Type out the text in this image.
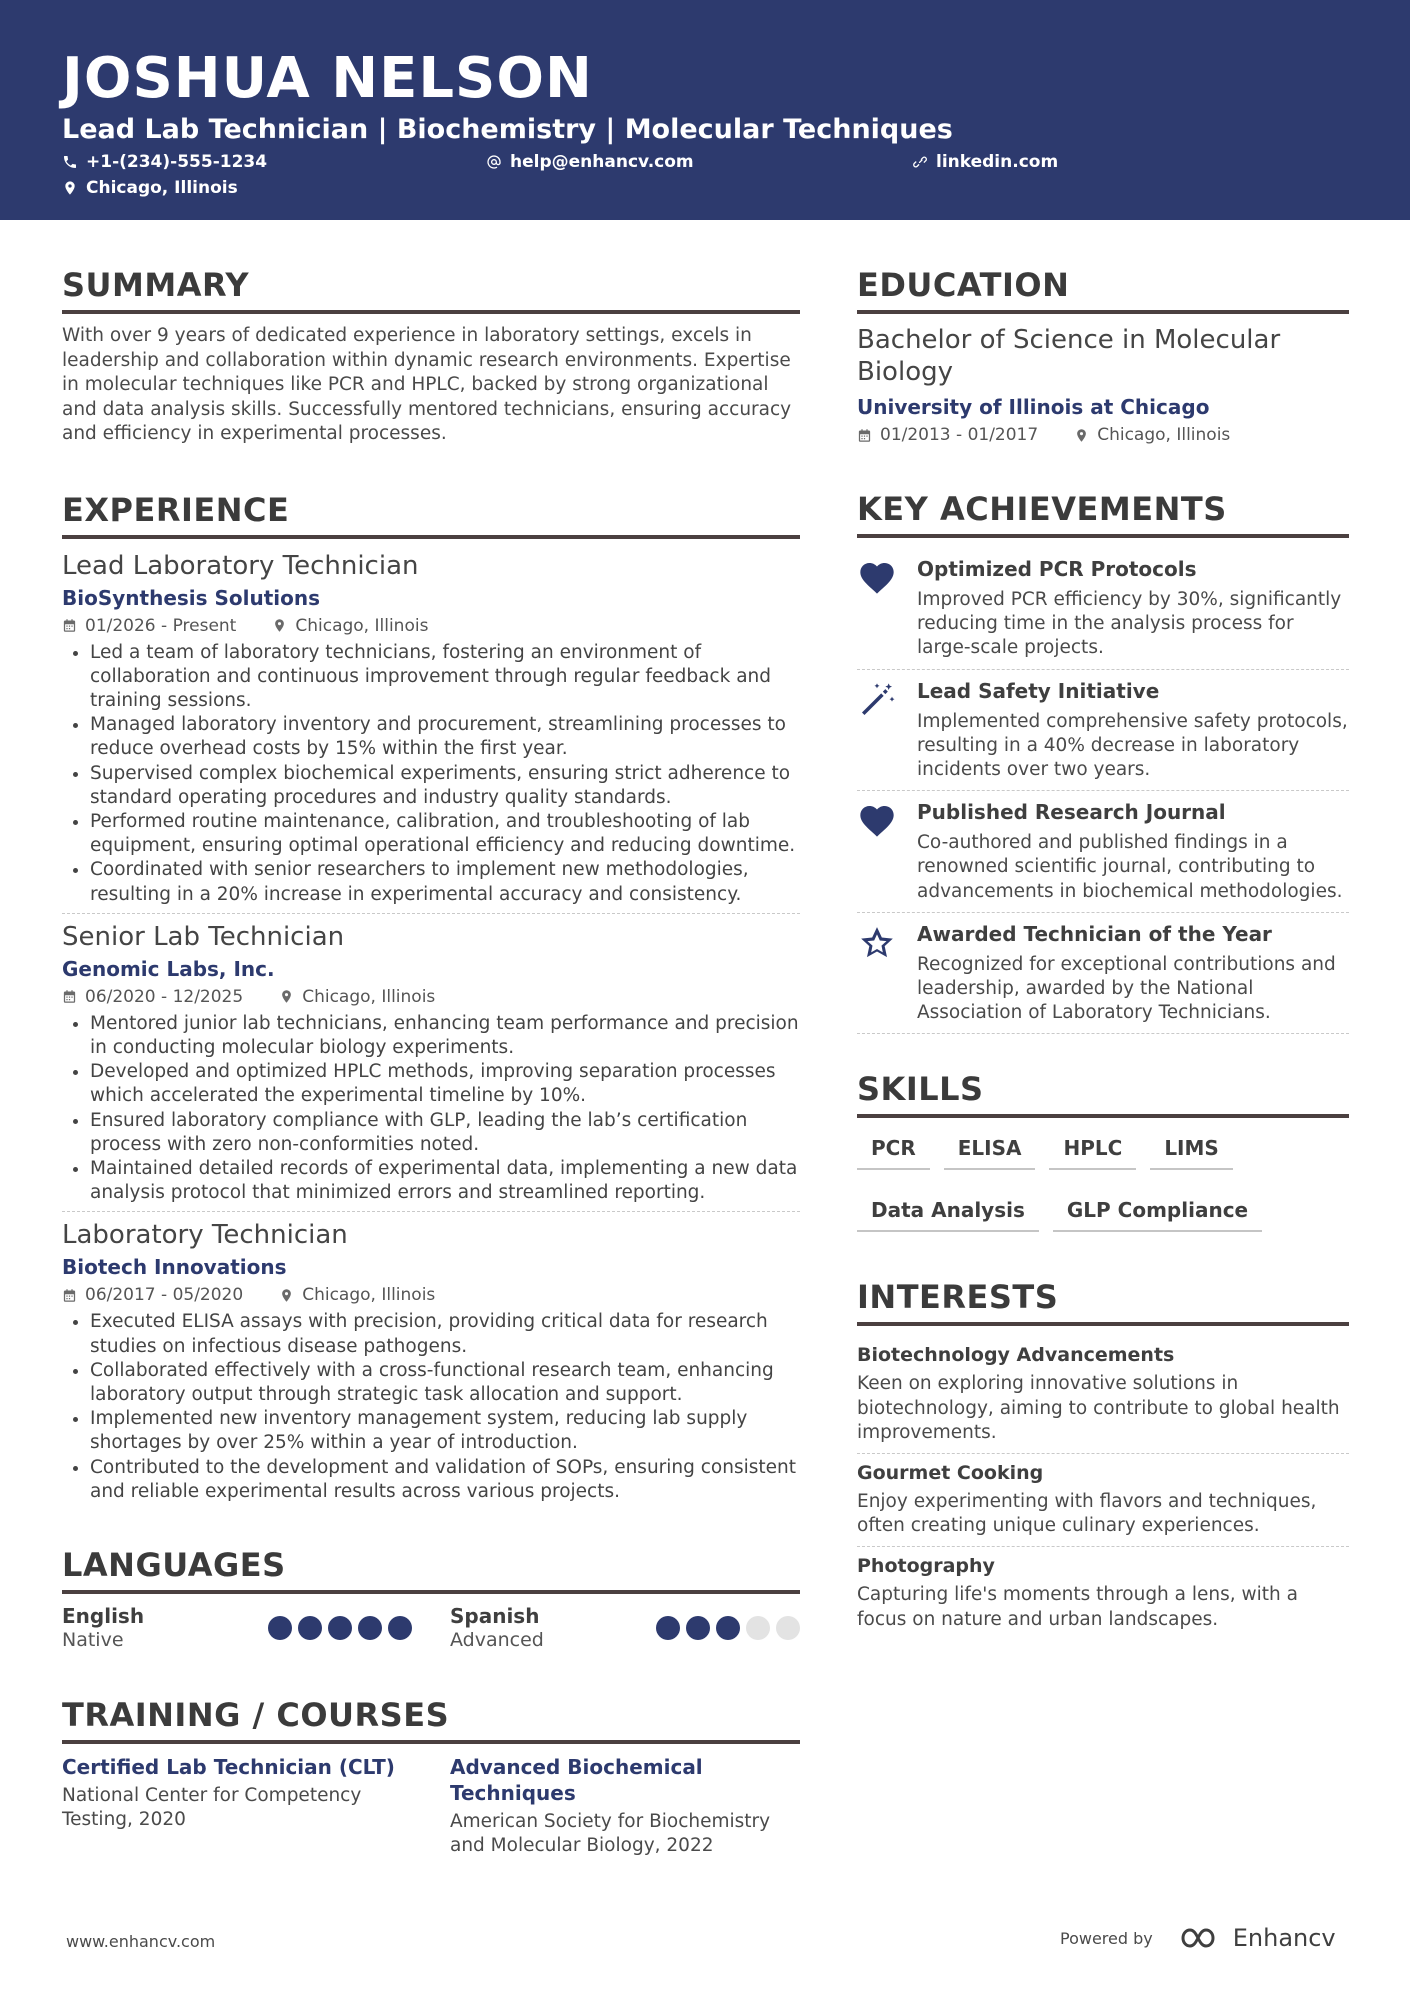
JOSHUA NELSON
Lead Lab Technician | Biochemistry | Molecular Techniques
+1-(234)-555-1234	help@enhancv.com	linkedin.com
Chicago, Illinois
SUMMARY

With over 9 years of dedicated experience in laboratory settings, excels in leadership and collaboration within dynamic research environments. Expertise in molecular techniques like PCR and HPLC, backed by strong organizational and data analysis skills. Successfully mentored technicians, ensuring accuracy and efficiency in experimental processes.

EXPERIENCE
Lead Laboratory Technician
BioSynthesis Solutions
01/2026 - Present	Chicago, Illinois
• Led a team of laboratory technicians, fostering an environment of collaboration and continuous improvement through regular feedback and training sessions.
• Managed laboratory inventory and procurement, streamlining processes to reduce overhead costs by 15% within the first year.
• Supervised complex biochemical experiments, ensuring strict adherence to standard operating procedures and industry quality standards.
• Performed routine maintenance, calibration, and troubleshooting of lab equipment, ensuring optimal operational efficiency and reducing downtime.
• Coordinated with senior researchers to implement new methodologies, resulting in a 20% increase in experimental accuracy and consistency.
Senior Lab Technician
Genomic Labs, Inc.
06/2020 - 12/2025	Chicago, Illinois
• Mentored junior lab technicians, enhancing team performance and precision in conducting molecular biology experiments.
• Developed and optimized HPLC methods, improving separation processes which accelerated the experimental timeline by 10%.
• Ensured laboratory compliance with GLP, leading the lab’s certification process with zero non-conformities noted.
• Maintained detailed records of experimental data, implementing a new data analysis protocol that minimized errors and streamlined reporting.
Laboratory Technician
Biotech Innovations
06/2017 - 05/2020	Chicago, Illinois
• Executed ELISA assays with precision, providing critical data for research studies on infectious disease pathogens.
• Collaborated effectively with a cross-functional research team, enhancing laboratory output through strategic task allocation and support.
• Implemented new inventory management system, reducing lab supply shortages by over 25% within a year of introduction.
• Contributed to the development and validation of SOPs, ensuring consistent and reliable experimental results across various projects.
LANGUAGES
English
Native
Spanish
Advanced
TRAINING / COURSES
Certified Lab Technician (CLT)
National Center for Competency Testing, 2020
Advanced Biochemical Techniques
American Society for Biochemistry and Molecular Biology, 2022
EDUCATION
Bachelor of Science in Molecular Biology
University of Illinois at Chicago
01/2013 - 01/2017	Chicago, Illinois
KEY ACHIEVEMENTS
Optimized PCR Protocols
Improved PCR efficiency by 30%, significantly reducing time in the analysis process for large-scale projects.
Lead Safety Initiative
Implemented comprehensive safety protocols, resulting in a 40% decrease in laboratory incidents over two years.
Published Research Journal
Co-authored and published findings in a renowned scientific journal, contributing to advancements in biochemical methodologies.
Awarded Technician of the Year
Recognized for exceptional contributions and leadership, awarded by the National Association of Laboratory Technicians.
SKILLS
PCR	ELISA	HPLC	LIMS
Data Analysis	GLP Compliance
INTERESTS
Biotechnology Advancements
Keen on exploring innovative solutions in biotechnology, aiming to contribute to global health improvements.
Gourmet Cooking
Enjoy experimenting with flavors and techniques, often creating unique culinary experiences.
Photography
Capturing life's moments through a lens, with a focus on nature and urban landscapes.
www.enhancv.com	Powered by	Enhancv
